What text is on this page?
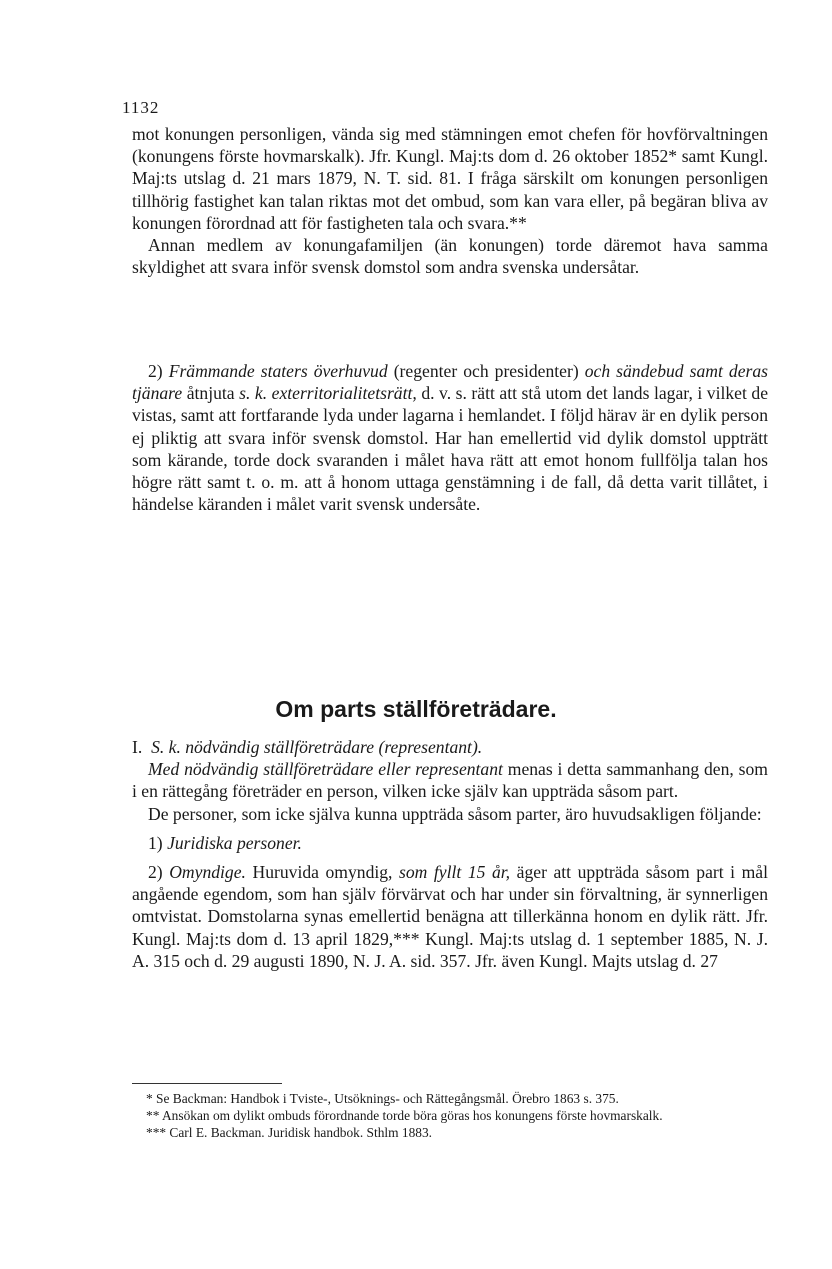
1132

mot konungen personligen, vända sig med stämningen emot chefen för hovförvaltningen (konungens förste hovmarskalk). Jfr. Kungl. Maj:ts dom d. 26 oktober 1852* samt Kungl. Maj:ts utslag d. 21 mars 1879, N. T. sid. 81. I fråga särskilt om konungen personligen tillhörig fastighet kan talan riktas mot det ombud, som kan vara eller, på begäran bliva av konungen förordnad att för fastigheten tala och svara.**

Annan medlem av konungafamiljen (än konungen) torde däremot hava samma skyldighet att svara inför svensk domstol som andra svenska undersåtar.

2) Främmande staters överhuvud (regenter och presidenter) och sändebud samt deras tjänare åtnjuta s. k. exterritorialitetsrätt, d. v. s. rätt att stå utom det lands lagar, i vilket de vistas, samt att fortfarande lyda under lagarna i hemlandet. I följd härav är en dylik person ej pliktig att svara inför svensk domstol. Har han emellertid vid dylik domstol uppträtt som kärande, torde dock svaranden i målet hava rätt att emot honom fullfölja talan hos högre rätt samt t. o. m. att å honom uttaga genstämning i de fall, då detta varit tillåtet, i händelse käranden i målet varit svensk undersåte.

Om parts ställföreträdare.

I. S. k. nödvändig ställföreträdare (representant).

Med nödvändig ställföreträdare eller representant menas i detta sammanhang den, som i en rättegång företräder en person, vilken icke själv kan uppträda såsom part.

De personer, som icke själva kunna uppträda såsom parter, äro huvudsakligen följande:

1) Juridiska personer.

2) Omyndige. Huruvida omyndig, som fyllt 15 år, äger att uppträda såsom part i mål angående egendom, som han själv förvärvat och har under sin förvaltning, är synnerligen omtvistat. Domstolarna synas emellertid benägna att tillerkänna honom en dylik rätt. Jfr. Kungl. Maj:ts dom d. 13 april 1829,*** Kungl. Maj:ts utslag d. 1 september 1885, N. J. A. 315 och d. 29 augusti 1890, N. J. A. sid. 357. Jfr. även Kungl. Majts utslag d. 27

* Se Backman: Handbok i Tviste-, Utsöknings- och Rättegångsmål. Örebro 1863 s. 375.

** Ansökan om dylikt ombuds förordnande torde böra göras hos konungens förste hovmarskalk.

*** Carl E. Backman. Juridisk handbok. Sthlm 1883.
